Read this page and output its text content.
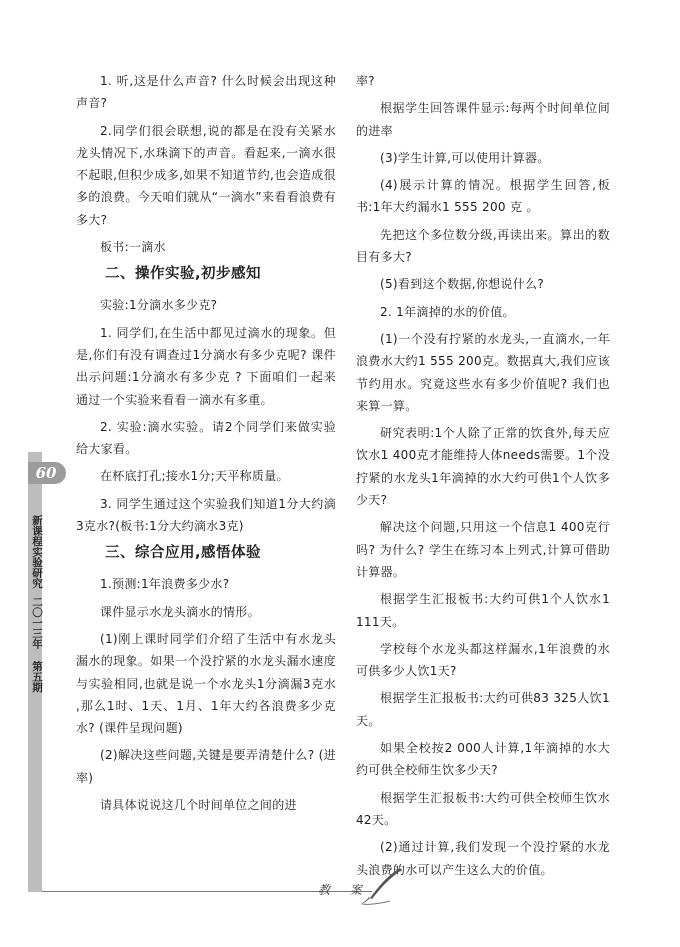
60
新课程实验研究二〇一三年 第五期

1. 听,这是什么声音? 什么时候会出现这种声音?

2.同学们很会联想,说的都是在没有关紧水龙头情况下,水珠滴下的声音。看起来,一滴水很不起眼,但积少成多,如果不知道节约,也会造成很多的浪费。今天咱们就从“一滴水”来看看浪费有多大?

板书:一滴水

二、操作实验,初步感知

实验:1分滴水多少克?

1. 同学们,在生活中都见过滴水的现象。但是,你们有没有调查过1分滴水有多少克呢? 课件出示问题:1分滴水有多少克 ? 下面咱们一起来通过一个实验来看看一滴水有多重。

2. 实验:滴水实验。请2个同学们来做实验给大家看。

在杯底打孔;接水1分;天平称质量。

3. 同学生通过这个实验我们知道1分大约滴3克水?(板书:1分大约滴水3克)

三、综合应用,感悟体验

1.预测:1年浪费多少水?

课件显示水龙头滴水的情形。

(1)刚上课时同学们介绍了生活中有水龙头漏水的现象。如果一个没拧紧的水龙头漏水速度与实验相同,也就是说一个水龙头1分滴漏3克水 ,那么1时、1天、1月、1年大约各浪费多少克水? (课件呈现问题)

(2)解决这些问题,关键是要弄清楚什么? (进率)

请具体说说这几个时间单位之间的进

率?

根据学生回答课件显示:每两个时间单位间的进率

(3)学生计算,可以使用计算器。

(4)展示计算的情况。根据学生回答,板书:1年大约漏水1 555 200 克 。

先把这个多位数分级,再读出来。算出的数目有多大?

(5)看到这个数据,你想说什么?

2. 1年滴掉的水的价值。

(1)一个没有拧紧的水龙头,一直滴水,一年浪费水大约1 555 200克。数据真大,我们应该节约用水。究竟这些水有多少价值呢? 我们也来算一算。

研究表明:1个人除了正常的饮食外,每天应饮水1 400克才能维持人体needs需要。1个没拧紧的水龙头1年滴掉的水大约可供1个人饮多少天?

解决这个问题,只用这一个信息1 400克行吗? 为什么? 学生在练习本上列式,计算可借助计算器。

根据学生汇报板书:大约可供1个人饮水1 111天。

学校每个水龙头都这样漏水,1年浪费的水可供多少人饮1天?

根据学生汇报板书:大约可供83 325人饮1天。

如果全校按2 000人计算,1年滴掉的水大约可供全校师生饮多少天?

根据学生汇报板书:大约可供全校师生饮水42天。

(2)通过计算,我们发现一个没拧紧的水龙头浪费的水可以产生这么大的价值。

教 案
